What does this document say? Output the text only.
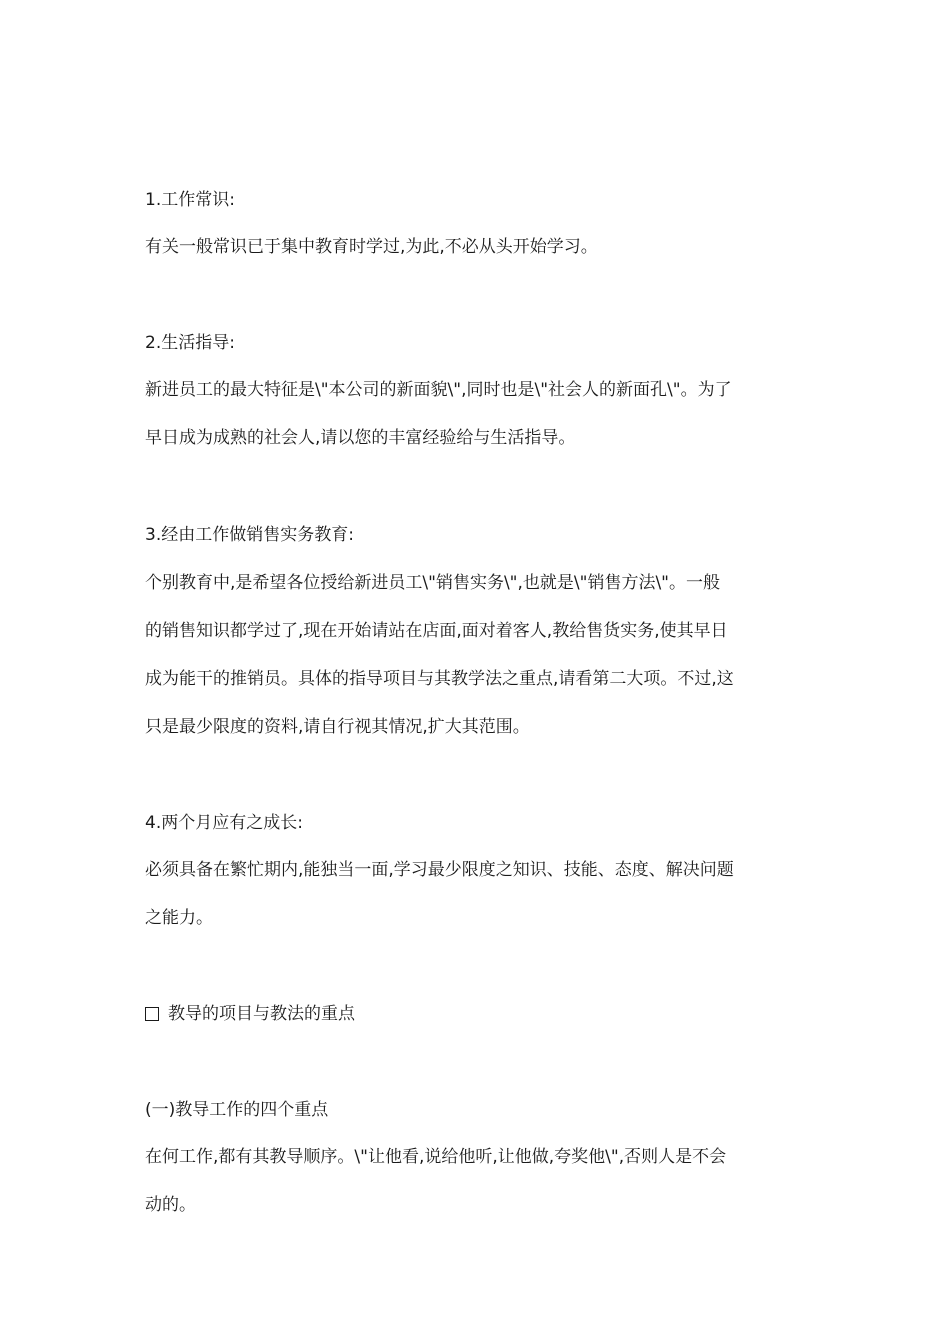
1.工作常识:
有关一般常识已于集中教育时学过,为此,不必从头开始学习。
2.生活指导:
新进员工的最大特征是\"本公司的新面貌\",同时也是\"社会人的新面孔\"。为了
早日成为成熟的社会人,请以您的丰富经验给与生活指导。
3.经由工作做销售实务教育:
个别教育中,是希望各位授给新进员工\"销售实务\",也就是\"销售方法\"。一般
的销售知识都学过了,现在开始请站在店面,面对着客人,教给售货实务,使其早日
成为能干的推销员。具体的指导项目与其教学法之重点,请看第二大项。不过,这
只是最少限度的资料,请自行视其情况,扩大其范围。
4.两个月应有之成长:
必须具备在繁忙期内,能独当一面,学习最少限度之知识、技能、态度、解决问题
之能力。
教导的项目与教法的重点
(一)教导工作的四个重点
在何工作,都有其教导顺序。\"让他看,说给他听,让他做,夸奖他\",否则人是不会
动的。
